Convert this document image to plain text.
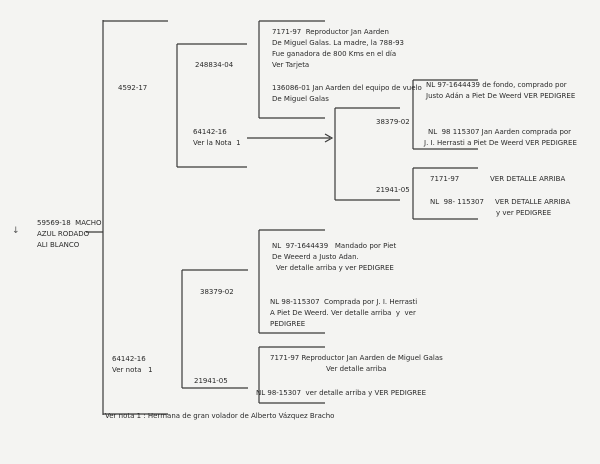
↓
59569-18  MACHO
AZUL RODADO
ALI BLANCO
4592-17
248834-04
7171-97  Reproductor Jan Aarden
De Miguel Galas. La madre, la 788-93
Fue ganadora de 800 Kms en el día
Ver Tarjeta
136086-01 Jan Aarden del equipo de vuelo
De Miguel Galas
64142-16
Ver la Nota  1
38379-02
NL 97-1644439 de fondo, comprado por
Justo Adán a Piet De Weerd VER PEDIGREE
NL  98 115307 Jan Aarden comprada por
J. I. Herrasti a Piet De Weerd VER PEDIGREE
21941-05
7171-97	VER DETALLE ARRIBA
NL  98- 115307 VER DETALLE ARRIBA
y ver PEDIGREE
64142-16
Ver nota   1
38379-02
NL  97-1644439   Mandado por Piet
De Weeerd a Justo Adan.
Ver detalle arriba y ver PEDIGREE
NL 98-115307  Comprada por J. I. Herrasti
A Piet De Weerd. Ver detalle arriba  y  ver
PEDIGREE
21941-05
7171-97 Reproductor Jan Aarden de Miguel Galas
Ver detalle arriba
NL 98-15307  ver detalle arriba y VER PEDIGREE
Ver nota 1 : Hermana de gran volador de Alberto Vázquez Bracho
